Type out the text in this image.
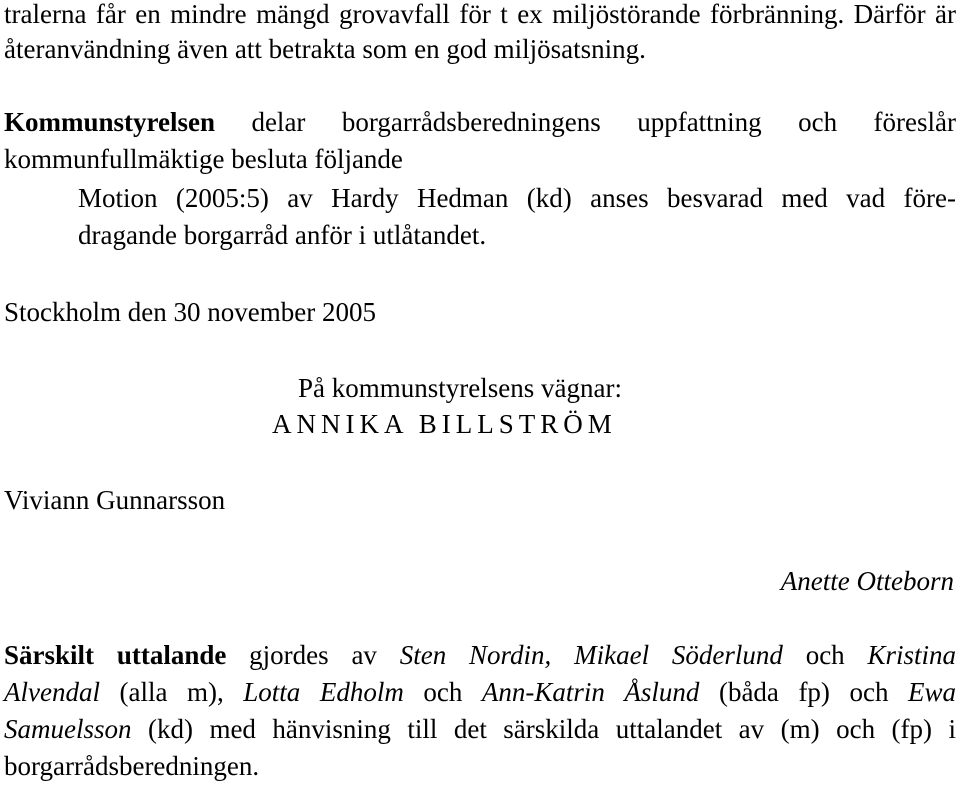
tralerna får en mindre mängd grovavfall för t ex miljöstörande förbränning. Därför är
återanvändning även att betrakta som en god miljösatsning.
Kommunstyrelsen delar borgarrådsberedningens uppfattning och föreslår
kommunfullmäktige besluta följande
Motion (2005:5) av Hardy Hedman (kd) anses besvarad med vad före-
dragande borgarråd anför i utlåtandet.
Stockholm den 30 november 2005
På kommunstyrelsens vägnar:
ANNIKA BILLSTRÖM
Viviann Gunnarsson
Anette Otteborn
Särskilt uttalande gjordes av Sten Nordin, Mikael Söderlund och Kristina
Alvendal (alla m), Lotta Edholm och Ann-Katrin Åslund (båda fp) och Ewa
Samuelsson (kd) med hänvisning till det särskilda uttalandet av (m) och (fp) i
borgarrådsberedningen.
